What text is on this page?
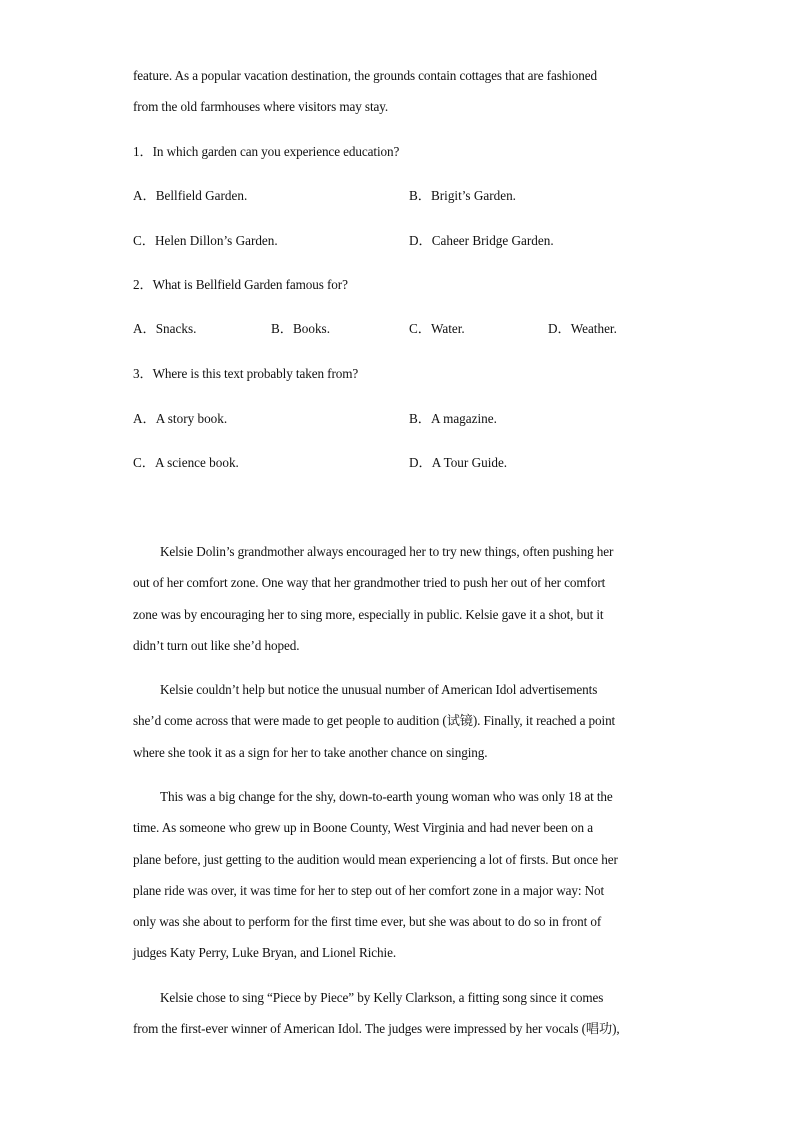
feature. As a popular vacation destination, the grounds contain cottages that are fashioned
from the old farmhouses where visitors may stay.
1．In which garden can you experience education?
A．Bellfield Garden.	B．Brigit’s Garden.
C．Helen Dillon’s Garden.	D．Caheer Bridge Garden.
2．What is Bellfield Garden famous for?
A．Snacks.	B．Books.	C．Water.	D．Weather.
3．Where is this text probably taken from?
A．A story book.	B．A magazine.
C．A science book.	D．A Tour Guide.
Kelsie Dolin’s grandmother always encouraged her to try new things, often pushing her
out of her comfort zone. One way that her grandmother tried to push her out of her comfort
zone was by encouraging her to sing more, especially in public. Kelsie gave it a shot, but it
didn’t turn out like she’d hoped.
Kelsie couldn’t help but notice the unusual number of American Idol advertisements
she’d come across that were made to get people to audition (试镜). Finally, it reached a point
where she took it as a sign for her to take another chance on singing.
This was a big change for the shy, down-to-earth young woman who was only 18 at the
time. As someone who grew up in Boone County, West Virginia and had never been on a
plane before, just getting to the audition would mean experiencing a lot of firsts. But once her
plane ride was over, it was time for her to step out of her comfort zone in a major way: Not
only was she about to perform for the first time ever, but she was about to do so in front of
judges Katy Perry, Luke Bryan, and Lionel Richie.
Kelsie chose to sing “Piece by Piece” by Kelly Clarkson, a fitting song since it comes
from the first-ever winner of American Idol. The judges were impressed by her vocals (唱功),
